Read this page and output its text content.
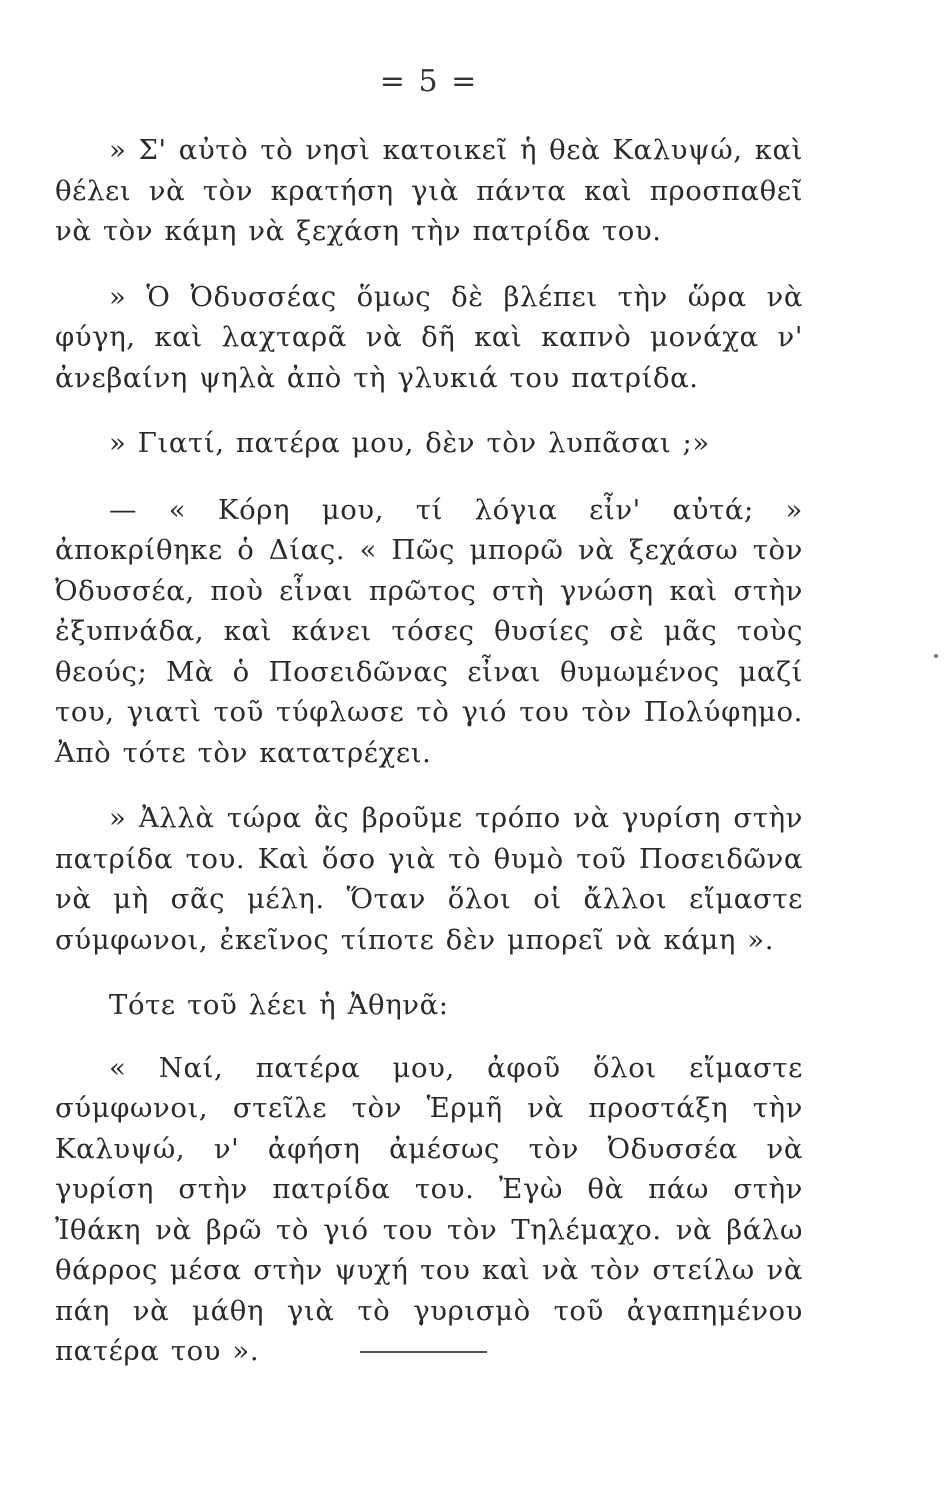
= 5 =

» Σ' αὐτὸ τὸ νησὶ κατοικεῖ ἡ θεὰ Καλυψώ, καὶ θέλει νὰ τὸν κρατήση γιὰ πάντα καὶ προσπαθεῖ νὰ τὸν κάμη νὰ ξεχάση τὴν πατρίδα του.

» Ὁ Ὀδυσσέας ὅμως δὲ βλέπει τὴν ὥρα νὰ φύγη, καὶ λαχταρᾶ νὰ δῆ καὶ καπνὸ μονάχα ν' ἀνεβαίνη ψηλὰ ἀπὸ τὴ γλυκιά του πατρίδα.

» Γιατί, πατέρα μου, δὲν τὸν λυπᾶσαι ;»

— « Κόρη μου, τί λόγια εἶν' αὐτά; » ἀποκρίθηκε ὁ Δίας. « Πῶς μπορῶ νὰ ξεχάσω τὸν Ὀδυσσέα, ποὺ εἶναι πρῶτος στὴ γνώση καὶ στὴν ἐξυπνάδα, καὶ κάνει τόσες θυσίες σὲ μᾶς τοὺς θεούς; Μὰ ὁ Ποσειδῶνας εἶναι θυμωμένος μαζί του, γιατὶ τοῦ τύφλωσε τὸ γιό του τὸν Πολύφημο. Ἀπὸ τότε τὸν κατατρέχει.

» Ἀλλὰ τώρα ἂς βροῦμε τρόπο νὰ γυρίση στὴν πατρίδα του. Καὶ ὅσο γιὰ τὸ θυμὸ τοῦ Ποσειδῶνα νὰ μὴ σᾶς μέλη. Ὅταν ὅλοι οἱ ἄλλοι εἴμαστε σύμφωνοι, ἐκεῖνος τίποτε δὲν μπορεῖ νὰ κάμη ».

Τότε τοῦ λέει ἡ Ἀθηνᾶ:

« Ναί, πατέρα μου, ἀφοῦ ὅλοι εἴμαστε σύμφωνοι, στεῖλε τὸν Ἑρμῆ νὰ προστάξη τὴν Καλυψώ, ν' ἀφήση ἀμέσως τὸν Ὀδυσσέα νὰ γυρίση στὴν πατρίδα του. Ἐγὼ θὰ πάω στὴν Ἰθάκη νὰ βρῶ τὸ γιό του τὸν Τηλέμαχο. νὰ βάλω θάρρος μέσα στὴν ψυχή του καὶ νὰ τὸν στείλω νὰ πάη νὰ μάθη γιὰ τὸ γυρισμὸ τοῦ ἀγαπημένου πατέρα του ».
